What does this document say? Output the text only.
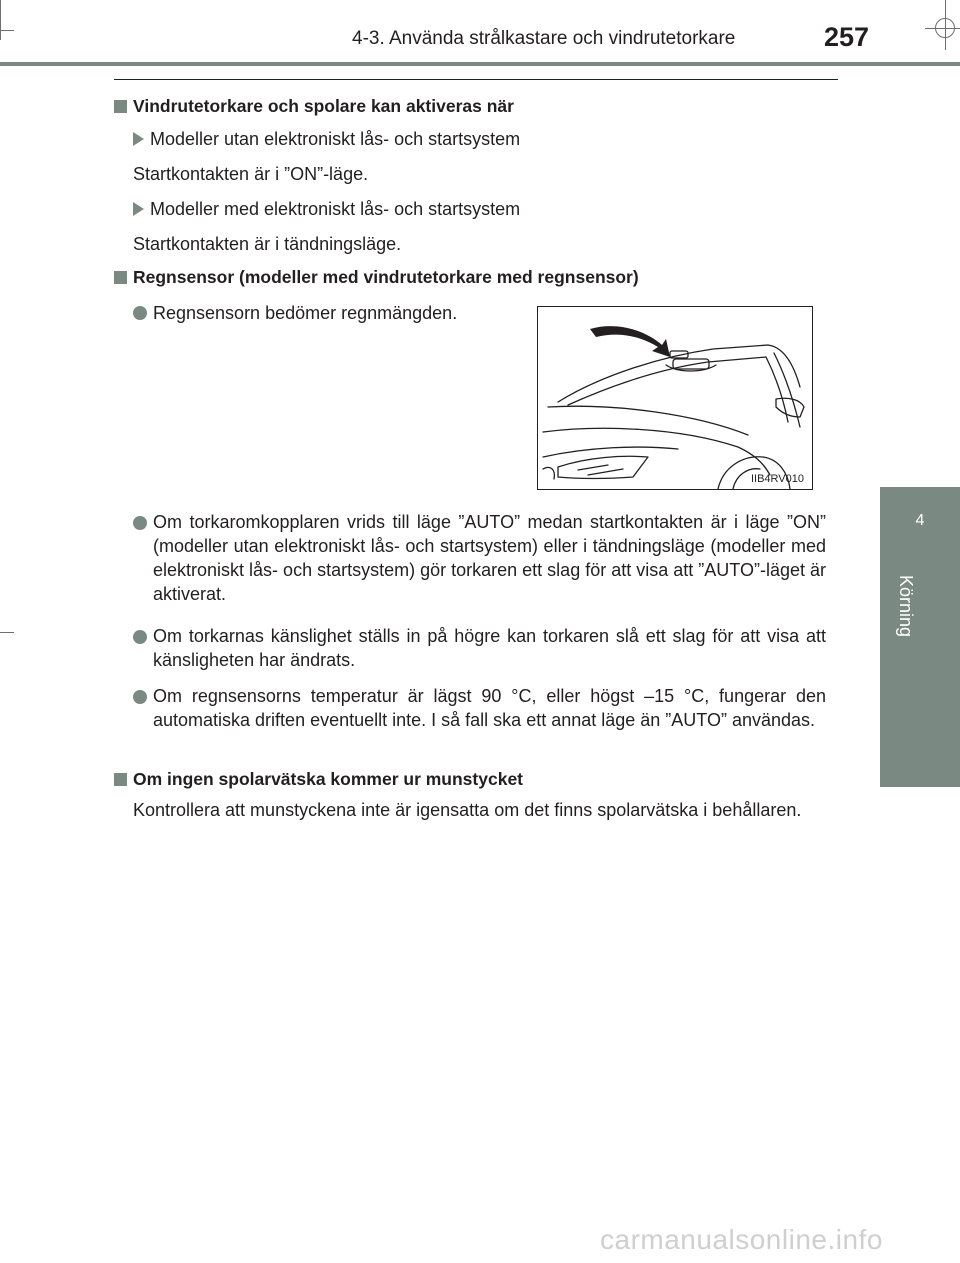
4-3. Använda strålkastare och vindrutetorkare	257
4
Körning
Vindrutetorkare och spolare kan aktiveras när
Modeller utan elektroniskt lås- och startsystem
Startkontakten är i ”ON”-läge.
Modeller med elektroniskt lås- och startsystem
Startkontakten är i tändningsläge.
Regnsensor (modeller med vindrutetorkare med regnsensor)
Regnsensorn bedömer regnmängden.
IIB4RV010
Om torkaromkopplaren vrids till läge ”AUTO” medan startkontakten är i läge ”ON” (modeller utan elektroniskt lås- och startsystem) eller i tändningsläge (modeller med elektroniskt lås- och startsystem) gör torkaren ett slag för att visa att ”AUTO”-läget är aktiverat.
Om torkarnas känslighet ställs in på högre kan torkaren slå ett slag för att visa att känsligheten har ändrats.
Om regnsensorns temperatur är lägst 90 °C, eller högst –15 °C, fungerar den automatiska driften eventuellt inte. I så fall ska ett annat läge än ”AUTO” användas.
Om ingen spolarvätska kommer ur munstycket
Kontrollera att munstyckena inte är igensatta om det finns spolarvätska i behållaren.
carmanualsonline.info
